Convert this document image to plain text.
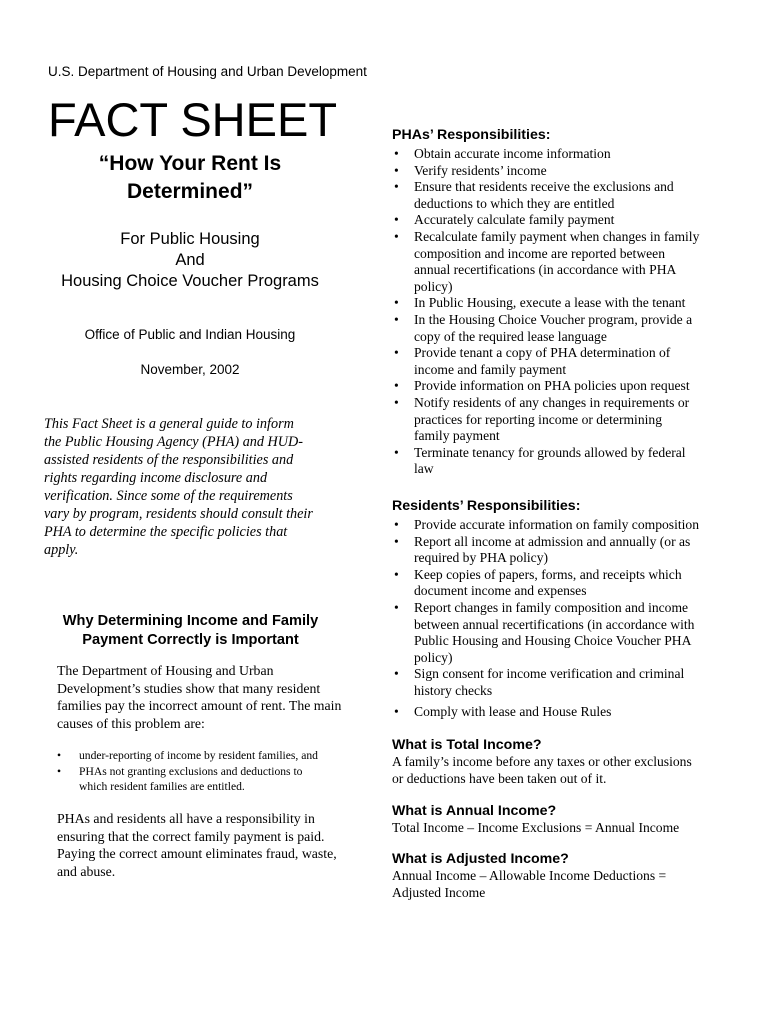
U.S. Department of Housing and Urban Development
FACT SHEET
“How Your Rent Is
Determined”
For Public Housing
And
Housing Choice Voucher Programs
Office of Public and Indian Housing
November, 2002
This Fact Sheet is a general guide to inform
the Public Housing Agency (PHA) and HUD-
assisted residents of the responsibilities and
rights regarding income disclosure and
verification. Since some of the requirements
vary by program, residents should consult their
PHA to determine the specific policies that
apply.
Why Determining Income and Family
Payment Correctly is Important
The Department of Housing and Urban
Development’s studies show that many resident
families pay the incorrect amount of rent. The main
causes of this problem are:
• under-reporting of income by resident families, and
• PHAs not granting exclusions and deductions to
which resident families are entitled.
PHAs and residents all have a responsibility in
ensuring that the correct family payment is paid.
Paying the correct amount eliminates fraud, waste,
and abuse.
PHAs’ Responsibilities:
• Obtain accurate income information
• Verify residents’ income
• Ensure that residents receive the exclusions and
deductions to which they are entitled
• Accurately calculate family payment
• Recalculate family payment when changes in family
composition and income are reported between
annual recertifications (in accordance with PHA
policy)
• In Public Housing, execute a lease with the tenant
• In the Housing Choice Voucher program, provide a
copy of the required lease language
• Provide tenant a copy of PHA determination of
income and family payment
• Provide information on PHA policies upon request
• Notify residents of any changes in requirements or
practices for reporting income or determining
family payment
• Terminate tenancy for grounds allowed by federal
law
Residents’ Responsibilities:
• Provide accurate information on family composition
• Report all income at admission and annually (or as
required by PHA policy)
• Keep copies of papers, forms, and receipts which
document income and expenses
• Report changes in family composition and income
between annual recertifications (in accordance with
Public Housing and Housing Choice Voucher PHA
policy)
• Sign consent for income verification and criminal
history checks
• Comply with lease and House Rules
What is Total Income?
A family’s income before any taxes or other exclusions
or deductions have been taken out of it.
What is Annual Income?
Total Income – Income Exclusions = Annual Income
What is Adjusted Income?
Annual Income – Allowable Income Deductions =
Adjusted Income
